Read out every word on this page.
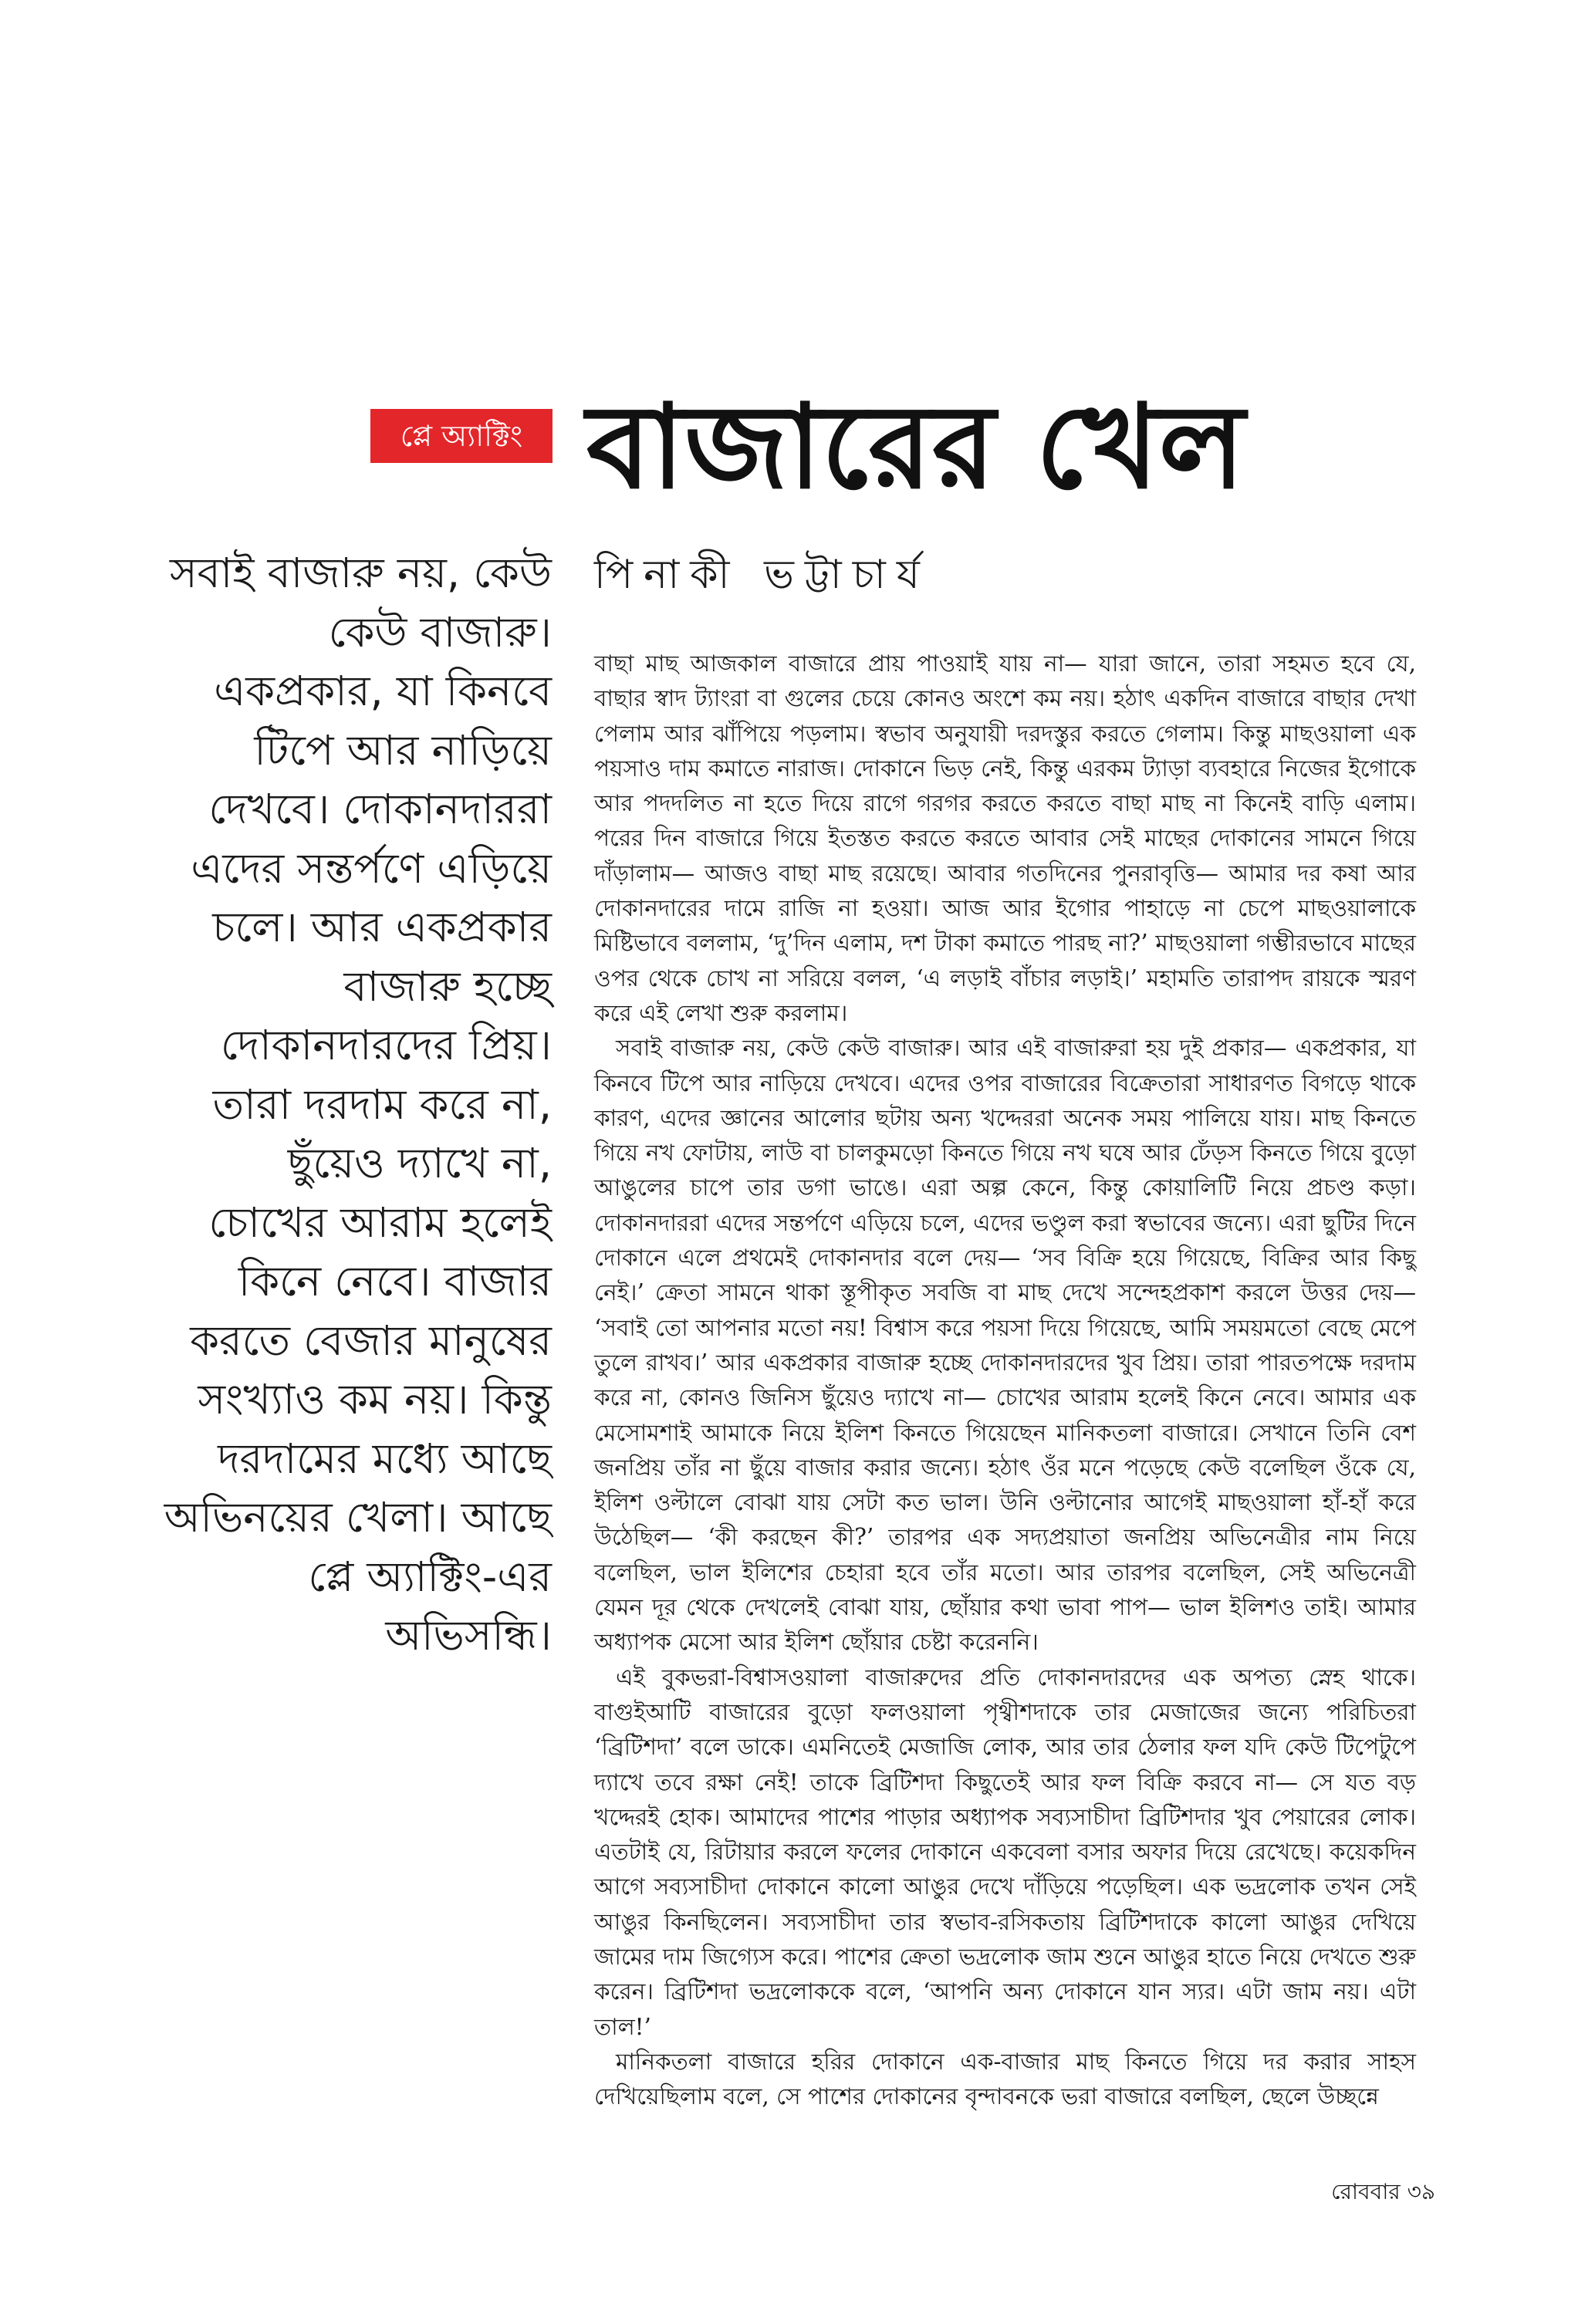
প্লে অ্যাক্টিং বাজারের খেল
পিনাকী ভট্টাচার্য

সবাই বাজারু নয়, কেউ কেউ বাজারু। একপ্রকার, যা কিনবে টিপে আর নাড়িয়ে দেখবে। দোকানদাররা এদের সন্তর্পণে এড়িয়ে চলে। আর একপ্রকার বাজারু হচ্ছে দোকানদারদের প্রিয়। তারা দরদাম করে না, ছুঁয়েও দ্যাখে না, চোখের আরাম হলেই কিনে নেবে। বাজার করতে বেজার মানুষের সংখ্যাও কম নয়। কিন্তু দরদামের মধ্যে আছে অভিনয়ের খেলা। আছে প্লে অ্যাক্টিং-এর অভিসন্ধি।

বাছা মাছ আজকাল বাজারে প্রায় পাওয়াই যায় না— যারা জানে, তারা সহমত হবে যে, বাছার স্বাদ ট্যাংরা বা গুলের চেয়ে কোনও অংশে কম নয়। হঠাৎ একদিন বাজারে বাছার দেখা পেলাম আর ঝাঁপিয়ে পড়লাম। স্বভাব অনুযায়ী দরদস্তুর করতে গেলাম। কিন্তু মাছওয়ালা এক পয়সাও দাম কমাতে নারাজ। দোকানে ভিড় নেই, কিন্তু এরকম ট্যাড়া ব্যবহারে নিজের ইগোকে আর পদদলিত না হতে দিয়ে রাগে গরগর করতে করতে বাছা মাছ না কিনেই বাড়ি এলাম। পরের দিন বাজারে গিয়ে ইতস্তত করতে করতে আবার সেই মাছের দোকানের সামনে গিয়ে দাঁড়ালাম— আজও বাছা মাছ রয়েছে। আবার গতদিনের পুনরাবৃত্তি— আমার দর কষা আর দোকানদারের দামে রাজি না হওয়া। আজ আর ইগোর পাহাড়ে না চেপে মাছওয়ালাকে মিষ্টিভাবে বললাম, ‘দু’দিন এলাম, দশ টাকা কমাতে পারছ না?’ মাছওয়ালা গম্ভীরভাবে মাছের ওপর থেকে চোখ না সরিয়ে বলল, ‘এ লড়াই বাঁচার লড়াই।’ মহামতি তারাপদ রায়কে স্মরণ করে এই লেখা শুরু করলাম।

সবাই বাজারু নয়, কেউ কেউ বাজারু। আর এই বাজারুরা হয় দুই প্রকার— একপ্রকার, যা কিনবে টিপে আর নাড়িয়ে দেখবে। এদের ওপর বাজারের বিক্রেতারা সাধারণত বিগড়ে থাকে কারণ, এদের জ্ঞানের আলোর ছটায় অন্য খদ্দেররা অনেক সময় পালিয়ে যায়। মাছ কিনতে গিয়ে নখ ফোটায়, লাউ বা চালকুমড়ো কিনতে গিয়ে নখ ঘষে আর ঢেঁড়স কিনতে গিয়ে বুড়ো আঙুলের চাপে তার ডগা ভাঙে। এরা অল্প কেনে, কিন্তু কোয়ালিটি নিয়ে প্রচণ্ড কড়া। দোকানদাররা এদের সন্তর্পণে এড়িয়ে চলে, এদের ভণ্ডুল করা স্বভাবের জন্যে। এরা ছুটির দিনে দোকানে এলে প্রথমেই দোকানদার বলে দেয়— ‘সব বিক্রি হয়ে গিয়েছে, বিক্রির আর কিছু নেই।’ ক্রেতা সামনে থাকা স্তূপীকৃত সবজি বা মাছ দেখে সন্দেহপ্রকাশ করলে উত্তর দেয়— ‘সবাই তো আপনার মতো নয়! বিশ্বাস করে পয়সা দিয়ে গিয়েছে, আমি সময়মতো বেছে মেপে তুলে রাখব।’ আর একপ্রকার বাজারু হচ্ছে দোকানদারদের খুব প্রিয়। তারা পারতপক্ষে দরদাম করে না, কোনও জিনিস ছুঁয়েও দ্যাখে না— চোখের আরাম হলেই কিনে নেবে। আমার এক মেসোমশাই আমাকে নিয়ে ইলিশ কিনতে গিয়েছেন মানিকতলা বাজারে। সেখানে তিনি বেশ জনপ্রিয় তাঁর না ছুঁয়ে বাজার করার জন্যে। হঠাৎ ওঁর মনে পড়েছে কেউ বলেছিল ওঁকে যে, ইলিশ ওল্টালে বোঝা যায় সেটা কত ভাল। উনি ওল্টানোর আগেই মাছওয়ালা হাঁ-হাঁ করে উঠেছিল— ‘কী করছেন কী?’ তারপর এক সদ্যপ্রয়াতা জনপ্রিয় অভিনেত্রীর নাম নিয়ে বলেছিল, ভাল ইলিশের চেহারা হবে তাঁর মতো। আর তারপর বলেছিল, সেই অভিনেত্রী যেমন দূর থেকে দেখলেই বোঝা যায়, ছোঁয়ার কথা ভাবা পাপ— ভাল ইলিশও তাই। আমার অধ্যাপক মেসো আর ইলিশ ছোঁয়ার চেষ্টা করেননি।

এই বুকভরা-বিশ্বাসওয়ালা বাজারুদের প্রতি দোকানদারদের এক অপত্য স্নেহ থাকে। বাগুইআটি বাজারের বুড়ো ফলওয়ালা পৃথ্বীশদাকে তার মেজাজের জন্যে পরিচিতরা ‘ব্রিটিশদা’ বলে ডাকে। এমনিতেই মেজাজি লোক, আর তার ঠেলার ফল যদি কেউ টিপেটুপে দ্যাখে তবে রক্ষা নেই! তাকে ব্রিটিশদা কিছুতেই আর ফল বিক্রি করবে না— সে যত বড় খদ্দেরই হোক। আমাদের পাশের পাড়ার অধ্যাপক সব্যসাচীদা ব্রিটিশদার খুব পেয়ারের লোক। এতটাই যে, রিটায়ার করলে ফলের দোকানে একবেলা বসার অফার দিয়ে রেখেছে। কয়েকদিন আগে সব্যসাচীদা দোকানে কালো আঙুর দেখে দাঁড়িয়ে পড়েছিল। এক ভদ্রলোক তখন সেই আঙুর কিনছিলেন। সব্যসাচীদা তার স্বভাব-রসিকতায় ব্রিটিশদাকে কালো আঙুর দেখিয়ে জামের দাম জিগ্যেস করে। পাশের ক্রেতা ভদ্রলোক জাম শুনে আঙুর হাতে নিয়ে দেখতে শুরু করেন। ব্রিটিশদা ভদ্রলোককে বলে, ‘আপনি অন্য দোকানে যান স্যর। এটা জাম নয়। এটা তাল!’

মানিকতলা বাজারে হরির দোকানে এক-বাজার মাছ কিনতে গিয়ে দর করার সাহস দেখিয়েছিলাম বলে, সে পাশের দোকানের বৃন্দাবনকে ভরা বাজারে বলছিল, ছেলে উচ্ছন্নে

রোববার ৩৯
